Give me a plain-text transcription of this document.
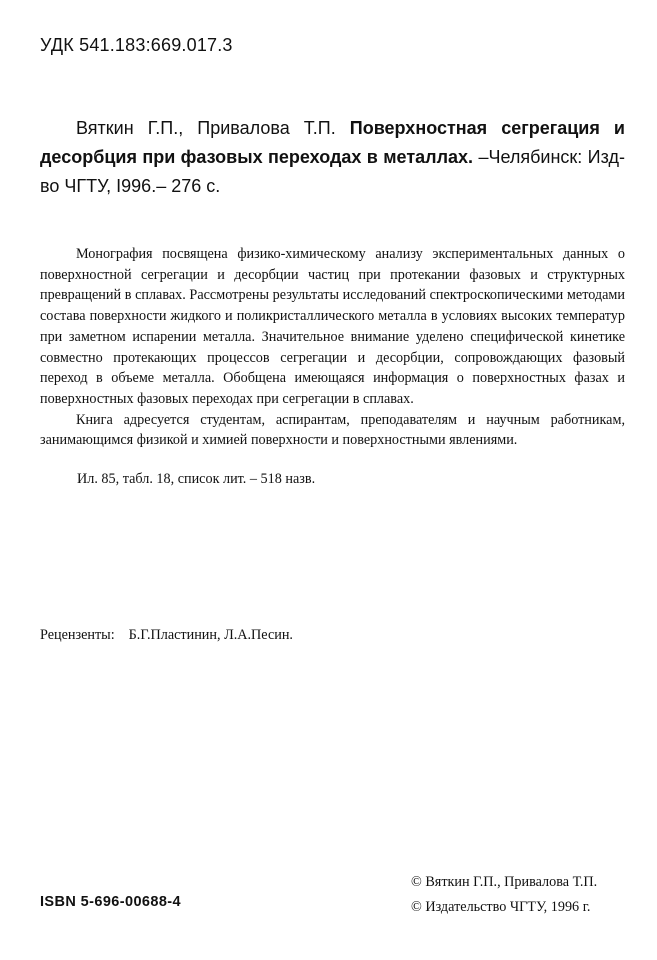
УДК 541.183:669.017.3
Вяткин Г.П., Привалова Т.П. Поверхностная сегрегация и десорбция при фазовых переходах в металлах. –Челябинск: Изд-во ЧГТУ, I996.– 276 с.

Монография посвящена физико-химическому анализу экспериментальных данных о поверхностной сегрегации и десорбции частиц при протекании фазовых и структурных превращений в сплавах. Рассмотрены результаты исследований спектроскопическими методами состава поверхности жидкого и поликристаллического металла в условиях высоких температур при заметном испарении металла. Значительное внимание уделено специфической кинетике совместно протекающих процессов сегрегации и десорбции, сопровождающих фазовый переход в объеме металла. Обобщена имеющаяся информация о поверхностных фазах и поверхностных фазовых переходах при сегрегации в сплавах.

Книга адресуется студентам, аспирантам, преподавателям и научным работникам, занимающимся физикой и химией поверхности и поверхностными явлениями.

Ил. 85, табл. 18, список лит. – 518 назв.
Рецензенты: Б.Г.Пластинин, Л.А.Песин.
ISBN 5-696-00688-4
© Вяткин Г.П., Привалова Т.П.
© Издательство ЧГТУ, 1996 г.
